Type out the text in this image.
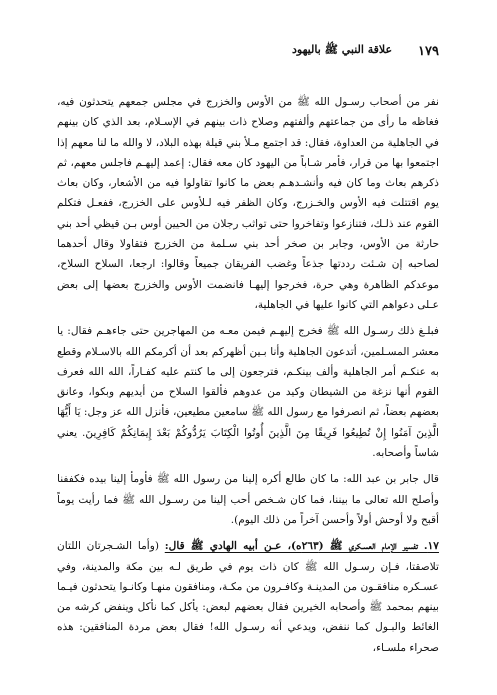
١٧٩
علاقة النبي ﷺ باليهود

نفر من أصحاب رسـول الله ﷺ من الأوس والخزرج في مجلس جمعهم يتحدثون فيه، فغاظه ما رأى من جماعتهم وألفتهم وصلاح ذات بينهم في الإسـلام، بعد الذي كان بينهم في الجاهلية من العداوة، فقال: قد اجتمع مـلأ بني قيلة بهذه البلاد، لا والله ما لنا معهم إذا اجتمعوا بها من قرار، فأمر شـاباً من اليهود كان معه فقال: إعمد إليهـم فاجلس معهم، ثم ذكرهم بعاث وما كان فيه وأنشـدهـم بعض ما كانوا تقاولوا فيه من الأشعار، وكان بعاث يوم اقتتلت فيه الأوس والخـزرج، وكان الظفر فيه لـلأوس على الخزرج، ففعـل فتكلم القوم عند ذلـك، فتنازعوا وتفاخروا حتى تواثب رجلان من الحيين أوس بـن قيظي أحد بني حارثة من الأوس، وجابر بن صخر أحد بني سـلمة من الخزرج فتقاولا وقال أحدهما لصاحبه إن شـئت رددتها جذعاً وغضب الفريقان جميعاً وقالوا: ارجعا، السلاح السلاح، موعدكم الظاهرة وهي حرة، فخرجوا إليهـا فانضمت الأوس والخزرج بعضها إلى بعض عـلى دعواهم التي كانوا عليها في الجاهلية،

فبلـغ ذلك رسـول الله ﷺ فخرج إليهـم فيمن معـه من المهاجرين حتى جاءهـم فقال: يا معشر المسـلمين، أتدعون الجاهلية وأنا بـين أظهركم بعد أن أكرمكم الله بالاسـلام وقطع به عنكـم أمر الجاهلية وألف بينكـم، فترجعون إلى ما كنتم عليه كفـاراً، الله الله فعرف القوم أنها نزغة من الشيطان وكيد من عدوهم فألقوا السلاح من أيديهم وبكوا، وعانق بعضهم بعضاً، ثم انصرفوا مع رسول الله ﷺ سامعين مطيعين، فأنزل الله عز وجل: يَا أَيُّهَا الَّذِينَ آمَنُوا إِنْ تُطِيعُوا فَرِيقًا مِنَ الَّذِينَ أُوتُوا الْكِتَابَ يَرُدُّوكُمْ بَعْدَ إِيمَانِكُمْ كَافِرِينَ. يعني شاساً وأصحابه.

قال جابر بن عبد الله: ما كان طالع أكره إلينا من رسول الله ﷺ فأومأ إلينا بيده فكففنا وأصلح الله تعالى ما بيننا، فما كان شـخص أحب إلينا من رسـول الله ﷺ فما رأيت يوماً أقبح ولا أوحش أولاً وأحسن آخراً من ذلك اليوم).

١٧. تفسير الإمام العسـكري ﷺ (٢٦٣ه)، عـن أبيه الهادي ﷺ قال: (وأما الشـجرتان اللتان تلاصقتا، فـإن رسـول الله ﷺ كان ذات يوم في طريق لـه بين مكة والمدينة، وفي عسـكره منافقـون من المدينـة وكافـرون من مكـة، ومنافقون منهـا وكانـوا يتحدثون فيـما بينهم بمحمد ﷺ وأصحابه الخيرين فقال بعضهم لبعض: يأكل كما نأكل وينفض كرشه من الغائط والبـول كما ننفض، ويدعي أنه رسـول الله! فقال بعض مردة المنافقين: هذه صحراء ملسـاء،
